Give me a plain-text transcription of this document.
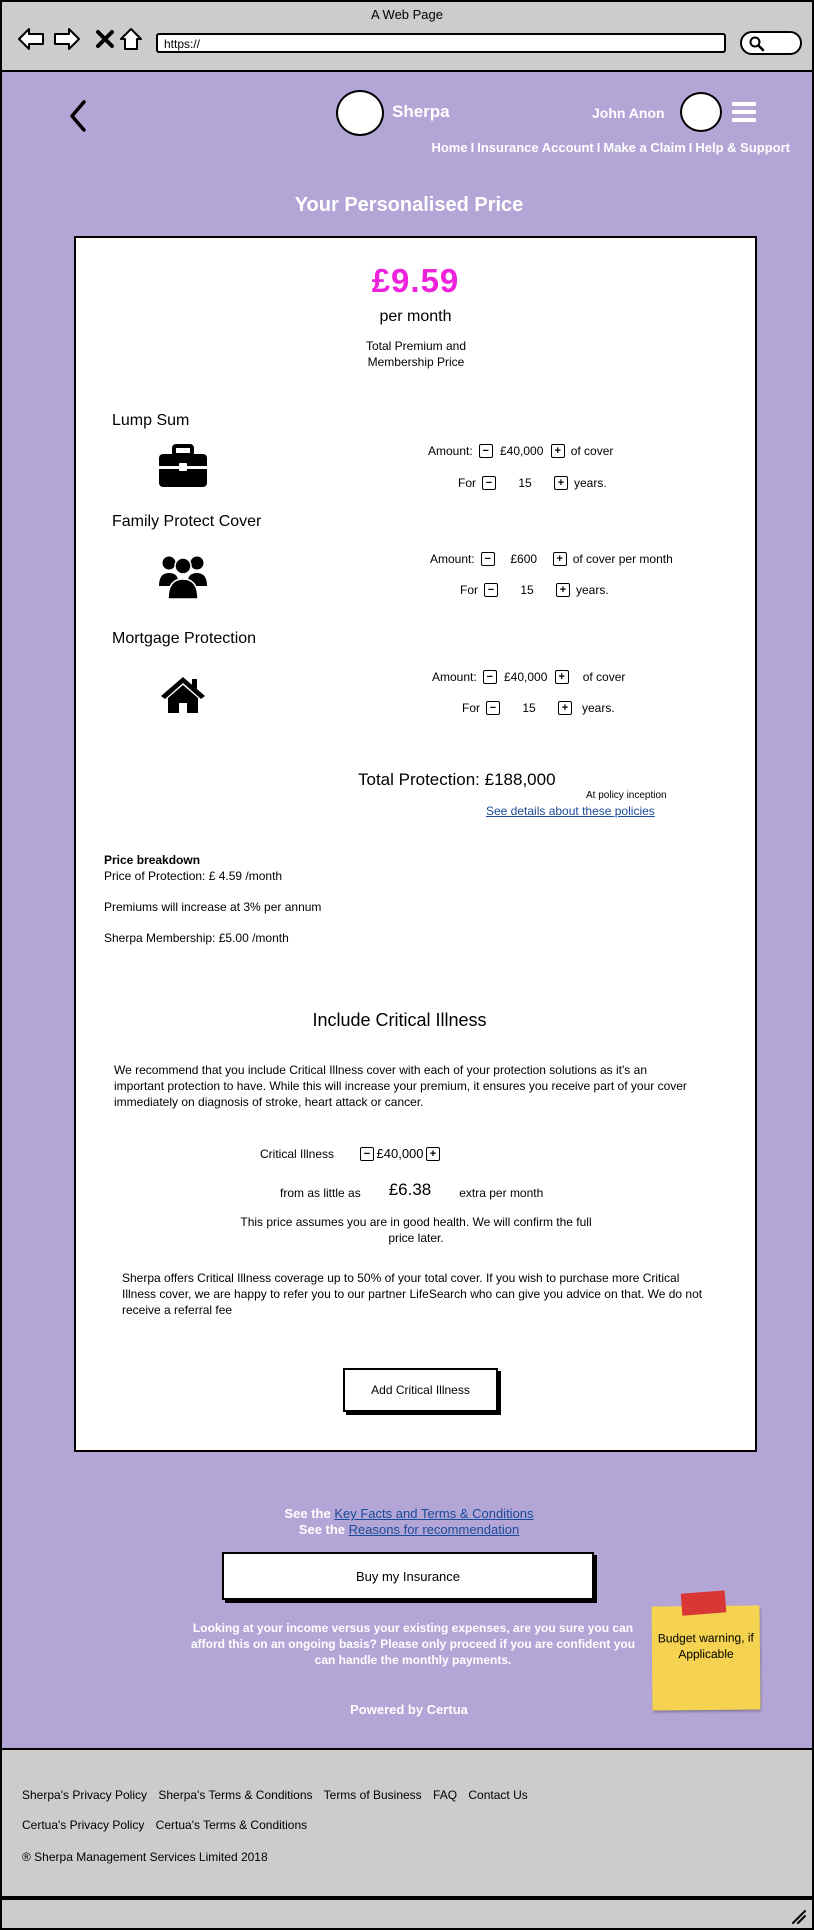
A Web Page
https://
Sherpa	John Anon
Home I Insurance Account I Make a Claim I Help & Support
Your Personalised Price
£9.59
per month
Total Premium and Membership Price
Lump Sum
Amount: − £40,000	+ of cover
For −	15	+ years.
Family Protect Cover
Amount: −	£600	+ of cover per month
For −	15	+ years.
Mortgage Protection
Amount: − £40,000	+	of cover
For −	15	+	years.
Total Protection: £188,000
At policy inception
See details about these policies
Price breakdown

Price of Protection: £ 4.59 /month

Premiums will increase at 3% per annum

Sherpa Membership: £5.00 /month

Include Critical Illness
We recommend that you include Critical Illness cover with each of your protection solutions as it's an important protection to have. While this will increase your premium, it ensures you receive part of your cover immediately on diagnosis of stroke, heart attack or cancer.
Critical Illness	− £40,000 +
from as little as £6.38 extra per month
This price assumes you are in good health. We will confirm the full price later.
Sherpa offers Critical Illness coverage up to 50% of your total cover. If you wish to purchase more Critical Illness cover, we are happy to refer you to our partner LifeSearch who can give you advice on that. We do not receive a referral fee
Add Critical Illness
See the Key Facts and Terms & Conditions
See the Reasons for recommendation
Buy my Insurance
Looking at your income versus your existing expenses, are you sure you can afford this on an ongoing basis? Please only proceed if you are confident you can handle the monthly payments.
Powered by Certua
Budget warning, if Applicable
Sherpa's Privacy Policy Sherpa's Terms & Conditions Terms of Business FAQ Contact Us
Certua's Privacy Policy Certua's Terms & Conditions
® Sherpa Management Services Limited 2018
